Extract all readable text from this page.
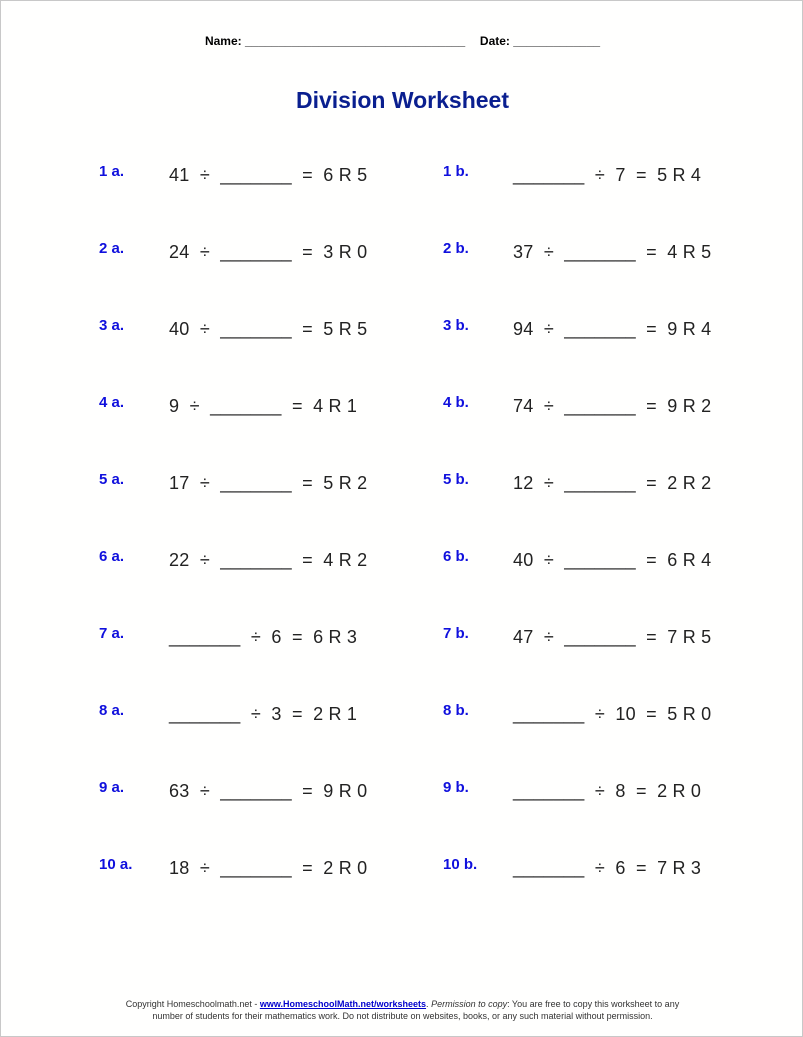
Name: _________________________________ Date: _____________
Division Worksheet
1 a. 41  ÷  _______  =  6 R 5	1 b. _______  ÷  7  =  5 R 4
2 a. 24  ÷  _______  =  3 R 0	2 b. 37  ÷  _______  =  4 R 5
3 a. 40  ÷  _______  =  5 R 5	3 b. 94  ÷  _______  =  9 R 4
4 a. 9  ÷  _______  =  4 R 1	4 b. 74  ÷  _______  =  9 R 2
5 a. 17  ÷  _______  =  5 R 2	5 b. 12  ÷  _______  =  2 R 2
6 a. 22  ÷  _______  =  4 R 2	6 b. 40  ÷  _______  =  6 R 4
7 a. _______  ÷  6  =  6 R 3	7 b. 47  ÷  _______  =  7 R 5
8 a. _______  ÷  3  =  2 R 1	8 b. _______  ÷  10  =  5 R 0
9 a. 63  ÷  _______  =  9 R 0	9 b. _______  ÷  8  =  2 R 0
10 a. 18  ÷  _______  =  2 R 0	10 b. _______  ÷  6  =  7 R 3
Copyright Homeschoolmath.net - www.HomeschoolMath.net/worksheets. Permission to copy: You are free to copy this worksheet to any
number of students for their mathematics work. Do not distribute on websites, books, or any such material without permission.
